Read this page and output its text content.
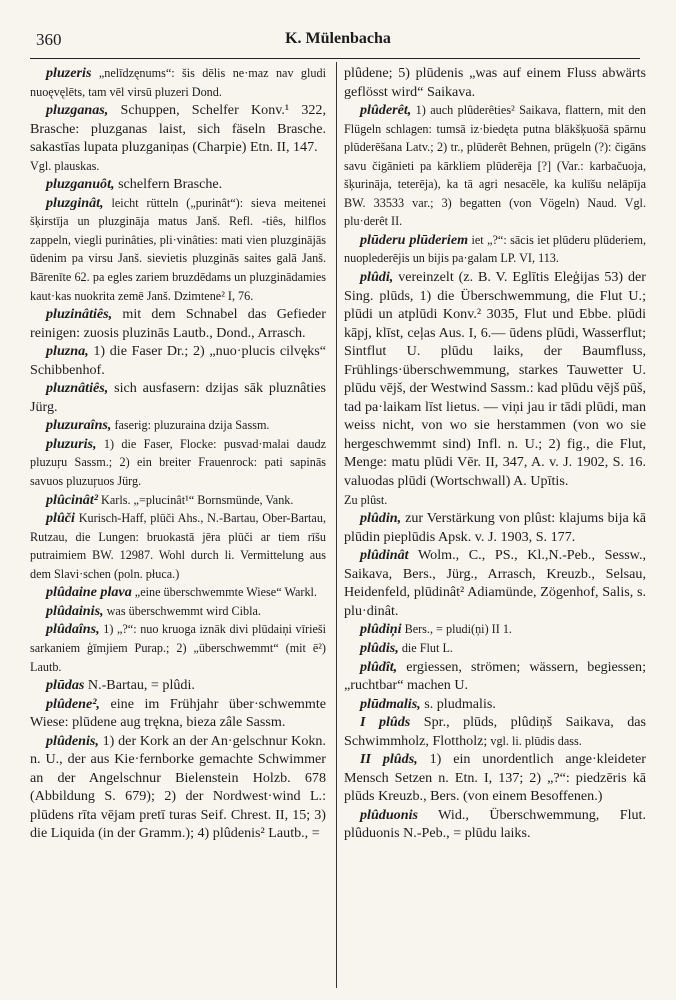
360	K. Mülenbacha

pluzeris „nelīdzęnums“: šis dēlis ne·maz nav gludi nuoęvęlēts, tam vēl virsū pluzeri Dond.

pluzganas, Schuppen, Schelfer Konv.¹ 322, Brasche: pluzganas laist, sich fäseln Brasche. sakastīas lupata pluzganiņas (Charpie) Etn. II, 147.

Vgl. plauskas.

pluzganuôt, schelfern Brasche.

pluzginât, leicht rütteln („purinât“): sieva meitenei šķirstīja un pluzgināja matus Janš. Refl. -tiês, hilflos zappeln, viegli purinâties, pli·vinâties: mati vien pluzginājās ūdenim pa virsu Janš. sievietis pluzginās saites galā Janš. Bārenīte 62. pa egles zariem bruzdēdams un pluzginādamies kaut·kas nuokrita zemē Janš. Dzimtene² I, 76.

pluzinâtiês, mit dem Schnabel das Gefieder reinigen: zuosis pluzinās Lautb., Dond., Arrasch.

pluzna, 1) die Faser Dr.; 2) „nuo·plucis cilvęks“ Schibbenhof.

pluznâtiês, sich ausfasern: dzijas sāk pluznâties Jürg.

pluzuraîns, faserig: pluzuraina dzija Sassm.

pluzuris, 1) die Faser, Flocke: pusvad·malai daudz pluzuŗu Sassm.; 2) ein breiter Frauenrock: pati sapinās savuos pluzuŗuos Jürg.

plûcinât² Karls. „=plucinât¹“ Bornsmünde, Vank.

plûči Kurisch-Haff, plūči Ahs., N.-Bartau, Ober-Bartau, Rutzau, die Lungen: bruokastā jēra plūči ar tiem rīšu putraimiem BW. 12987. Wohl durch li. Vermittelung aus dem Slavi·schen (poln. płuca.)

plûdaine plava „eine überschwemmte Wiese“ Warkl.

plûdainis, was überschwemmt wird Cibla.

plûdaîns, 1) „?“: nuo kruoga iznāk divi plūdaiņi vīrieši sarkaniem ģīmjiem Purap.; 2) „überschwemmt“ (mit ē²) Lautb.

plūdas N.-Bartau, = plûdi.

plûdene², eine im Frühjahr über·schwemmte Wiese: plūdene aug trękna, bieza zâle Sassm.

plûdenis, 1) der Kork an der An·gelschnur Kokn. n. U., der aus Kie·fernborke gemachte Schwimmer an der Angelschnur Bielenstein Holzb. 678 (Abbildung S. 679); 2) der Nordwest·wind L.: plūdens rīta vējam pretī turas Seif. Chrest. II, 15; 3) die Liquida (in der Gramm.); 4) plûdenis² Lautb., =

plûdene; 5) plūdenis „was auf einem Fluss abwärts geflösst wird“ Saikava.

plûderêt, 1) auch plûderêties² Saikava, flattern, mit den Flügeln schlagen: tumsā iz·biedęta putna blākšķuošā spārnu plūderēšana Latv.; 2) tr., plūderêt Behnen, prügeln (?): čigāns savu čigānieti pa kārkliem plūderēja [?] (Var.: karbačuoja, šķurināja, teterēja), ka tā agri nesacēle, ka kulīšu nelāpīja BW. 33533 var.; 3) begatten (von Vögeln) Naud. Vgl. plu·derêt II.

plūderu plūderiem iet „?“: sācis iet plūderu plūderiem, nuoplederējis un bijis pa·galam LP. VI, 113.

plûdi, vereinzelt (z. B. V. Eglītis Eleģijas 53) der Sing. plūds, 1) die Überschwemmung, die Flut U.; plūdi un atplūdi Konv.² 3035, Flut und Ebbe. plūdi kāpj, klīst, ceļas Aus. I, 6.— ūdens plūdi, Wasserflut; Sintflut U. plūdu laiks, der Baumfluss, Frühlings·überschwemmung, starkes Tauwetter U. plūdu vējš, der Westwind Sassm.: kad plūdu vējš pūš, tad pa·laikam līst lietus. — viņi jau ir tādi plūdi, man weiss nicht, von wo sie herstammen (von wo sie hergeschwemmt sind) Infl. n. U.; 2) fig., die Flut, Menge: matu plūdi Vēr. II, 347, A. v. J. 1902, S. 16. valuodas plūdi (Wortschwall) A. Upītis.

Zu plûst.

plûdin, zur Verstärkung von plûst: klajums bija kā plūdin pieplūdis Apsk. v. J. 1903, S. 177.

plûdinât Wolm., C., PS., Kl.,N.-Peb., Sessw., Saikava, Bers., Jürg., Arrasch, Kreuzb., Selsau, Heidenfeld, plūdinât² Adiamünde, Zögenhof, Salis, s. plu·dinât.

plûdiņi Bers., = pludi(ņi) II 1.

plûdis, die Flut L.

plûdît, ergiessen, strömen; wässern, begiessen; „ruchtbar“ machen U.

plūdmalis, s. pludmalis.

I plûds Spr., plūds, plûdiņš Saikava, das Schwimmholz, Flottholz; vgl. li. plūdis dass.

II plûds, 1) ein unordentlich ange·kleideter Mensch Setzen n. Etn. I, 137; 2) „?“: piedzēris kā plūds Kreuzb., Bers. (von einem Besoffenen.)

plûduonis Wid., Überschwemmung, Flut. plûduonis N.-Peb., = plūdu laiks.
